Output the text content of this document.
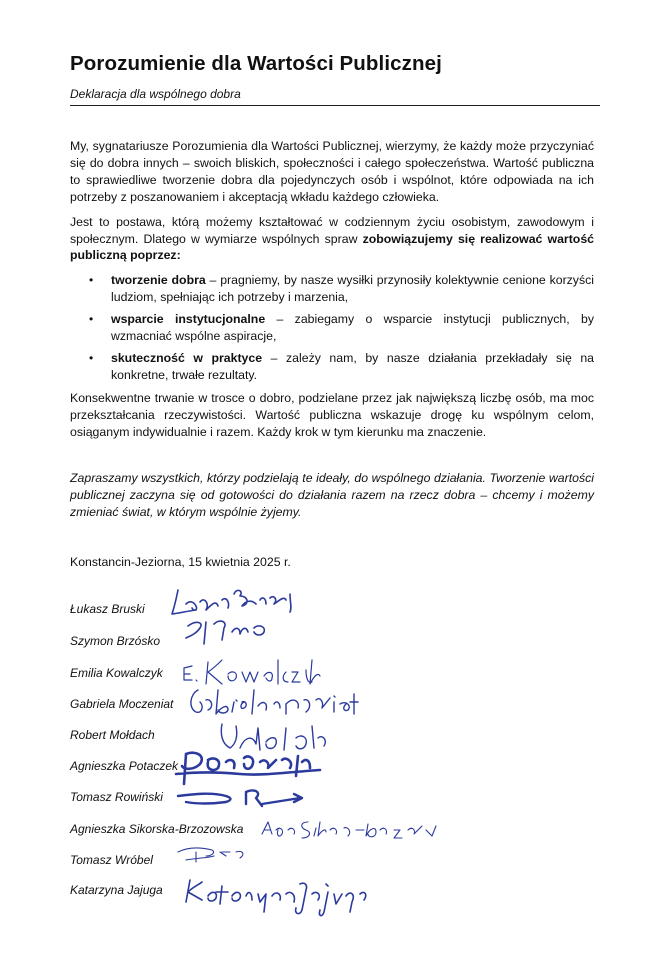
Porozumienie dla Wartości Publicznej
Deklaracja dla wspólnego dobra

My, sygnatariusze Porozumienia dla Wartości Publicznej, wierzymy, że każdy może przyczyniać się do dobra innych – swoich bliskich, społeczności i całego społeczeństwa. Wartość publiczna to sprawiedliwe tworzenie dobra dla pojedynczych osób i wspólnot, które odpowiada na ich potrzeby z poszanowaniem i akceptacją wkładu każdego człowieka.

Jest to postawa, którą możemy kształtować w codziennym życiu osobistym, zawodowym i społecznym. Dlatego w wymiarze wspólnych spraw zobowiązujemy się realizować wartość publiczną poprzez:

• tworzenie dobra – pragniemy, by nasze wysiłki przynosiły kolektywnie cenione korzyści ludziom, spełniając ich potrzeby i marzenia,
• wsparcie instytucjonalne – zabiegamy o wsparcie instytucji publicznych, by wzmacniać wspólne aspiracje,
• skuteczność w praktyce – zależy nam, by nasze działania przekładały się na konkretne, trwałe rezultaty.

Konsekwentne trwanie w trosce o dobro, podzielane przez jak największą liczbę osób, ma moc przekształcania rzeczywistości. Wartość publiczna wskazuje drogę ku wspólnym celom, osiąganym indywidualnie i razem. Każdy krok w tym kierunku ma znaczenie.

Zapraszamy wszystkich, którzy podzielają te ideały, do wspólnego działania. Tworzenie wartości publicznej zaczyna się od gotowości do działania razem na rzecz dobra – chcemy i możemy zmieniać świat, w którym wspólnie żyjemy.
Konstancin-Jeziorna, 15 kwietnia 2025 r.
Łukasz Bruski
Szymon Brzósko
Emilia Kowalczyk
Gabriela Moczeniat
Robert Mołdach
Agnieszka Potaczek
Tomasz Rowiński
Agnieszka Sikorska-Brzozowska
Tomasz Wróbel
Katarzyna Jajuga
